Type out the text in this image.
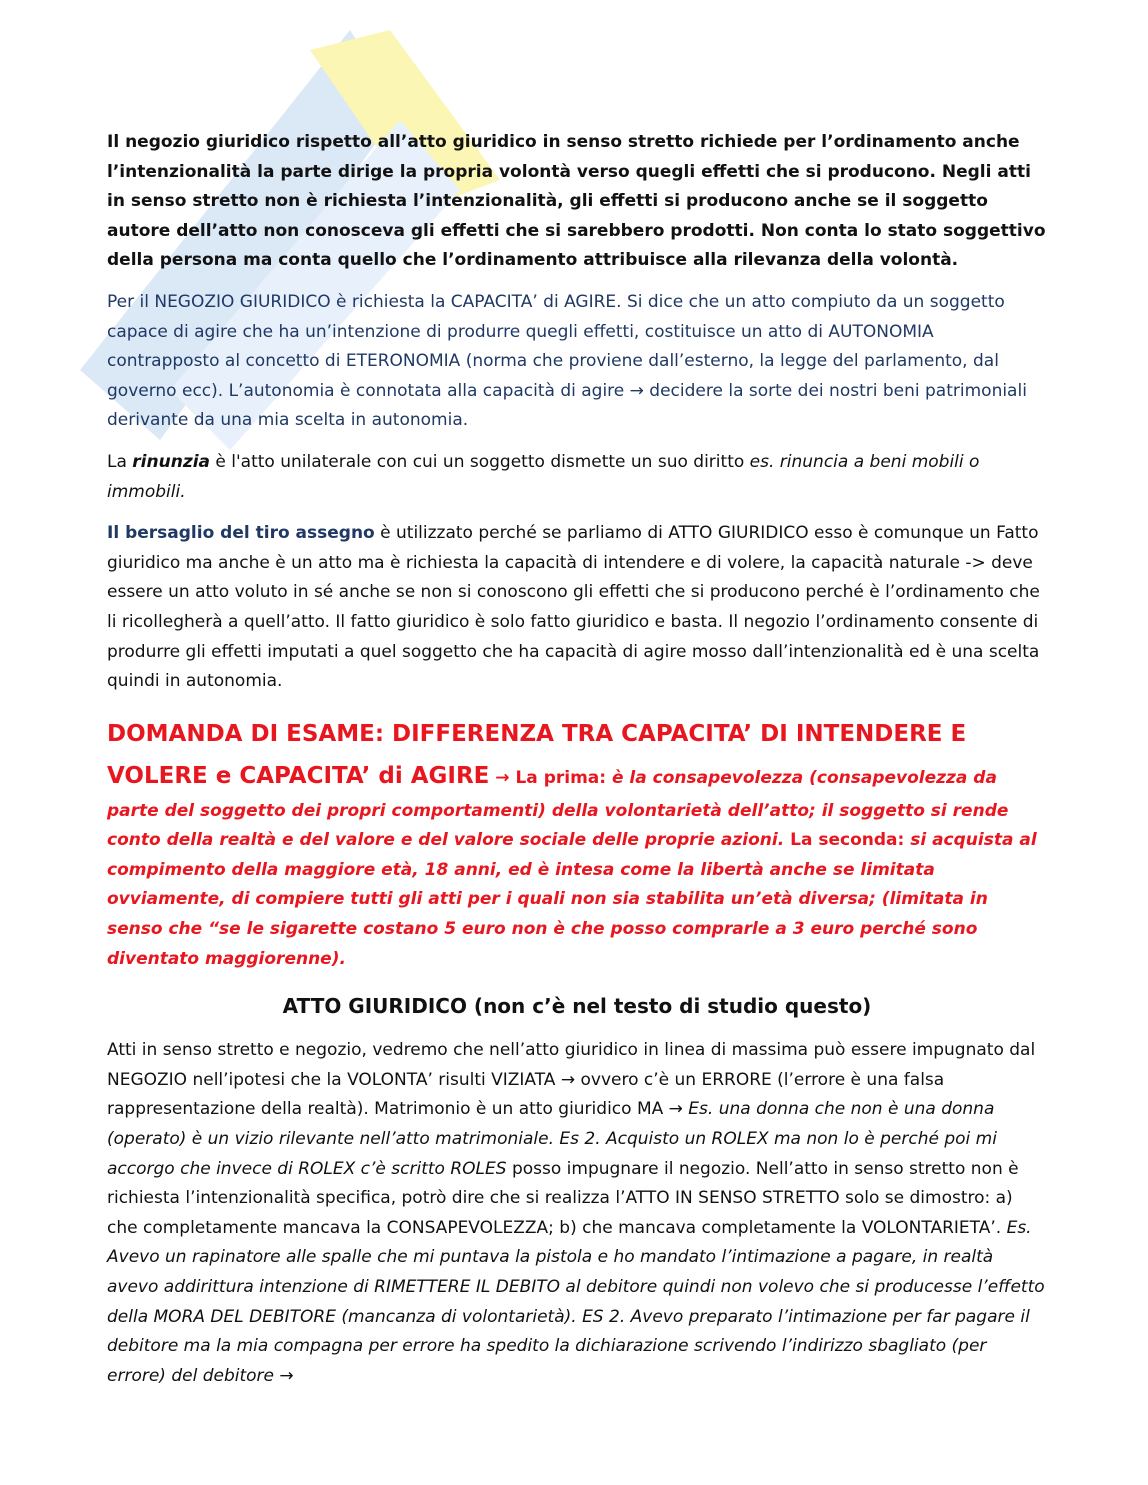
Il negozio giuridico rispetto all’atto giuridico in senso stretto richiede per l’ordinamento anche l’intenzionalità la parte dirige la propria volontà verso quegli effetti che si producono. Negli atti in senso stretto non è richiesta l’intenzionalità, gli effetti si producono anche se il soggetto autore dell’atto non conosceva gli effetti che si sarebbero prodotti. Non conta lo stato soggettivo della persona ma conta quello che l’ordinamento attribuisce alla rilevanza della volontà.

Per il NEGOZIO GIURIDICO è richiesta la CAPACITA’ di AGIRE. Si dice che un atto compiuto da un soggetto capace di agire che ha un’intenzione di produrre quegli effetti, costituisce un atto di AUTONOMIA contrapposto al concetto di ETERONOMIA (norma che proviene dall’esterno, la legge del parlamento, dal governo ecc). L’autonomia è connotata alla capacità di agire → decidere la sorte dei nostri beni patrimoniali derivante da una mia scelta in autonomia.

La rinunzia è l'atto unilaterale con cui un soggetto dismette un suo diritto es. rinuncia a beni mobili o immobili.

Il bersaglio del tiro assegno è utilizzato perché se parliamo di ATTO GIURIDICO esso è comunque un Fatto giuridico ma anche è un atto ma è richiesta la capacità di intendere e di volere, la capacità naturale -> deve essere un atto voluto in sé anche se non si conoscono gli effetti che si producono perché è l’ordinamento che li ricollegherà a quell’atto. Il fatto giuridico è solo fatto giuridico e basta. Il negozio l’ordinamento consente di produrre gli effetti imputati a quel soggetto che ha capacità di agire mosso dall’intenzionalità ed è una scelta quindi in autonomia.

DOMANDA DI ESAME: DIFFERENZA TRA CAPACITA’ DI INTENDERE E VOLERE e CAPACITA’ di AGIRE → La prima: è la consapevolezza (consapevolezza da parte del soggetto dei propri comportamenti) della volontarietà dell’atto; il soggetto si rende conto della realtà e del valore e del valore sociale delle proprie azioni. La seconda: si acquista al compimento della maggiore età, 18 anni, ed è intesa come la libertà anche se limitata ovviamente, di compiere tutti gli atti per i quali non sia stabilita un’età diversa; (limitata in senso che “se le sigarette costano 5 euro non è che posso comprarle a 3 euro perché sono diventato maggiorenne).

ATTO GIURIDICO (non c’è nel testo di studio questo)

Atti in senso stretto e negozio, vedremo che nell’atto giuridico in linea di massima può essere impugnato dal NEGOZIO nell’ipotesi che la VOLONTA’ risulti VIZIATA → ovvero c’è un ERRORE (l’errore è una falsa rappresentazione della realtà). Matrimonio è un atto giuridico MA → Es. una donna che non è una donna (operato) è un vizio rilevante nell’atto matrimoniale. Es 2. Acquisto un ROLEX ma non lo è perché poi mi accorgo che invece di ROLEX c’è scritto ROLES posso impugnare il negozio. Nell’atto in senso stretto non è richiesta l’intenzionalità specifica, potrò dire che si realizza l’ATTO IN SENSO STRETTO solo se dimostro: a) che completamente mancava la CONSAPEVOLEZZA; b) che mancava completamente la VOLONTARIETA’. Es. Avevo un rapinatore alle spalle che mi puntava la pistola e ho mandato l’intimazione a pagare, in realtà avevo addirittura intenzione di RIMETTERE IL DEBITO al debitore quindi non volevo che si producesse l’effetto della MORA DEL DEBITORE (mancanza di volontarietà). ES 2. Avevo preparato l’intimazione per far pagare il debitore ma la mia compagna per errore ha spedito la dichiarazione scrivendo l’indirizzo sbagliato (per errore) del debitore →
